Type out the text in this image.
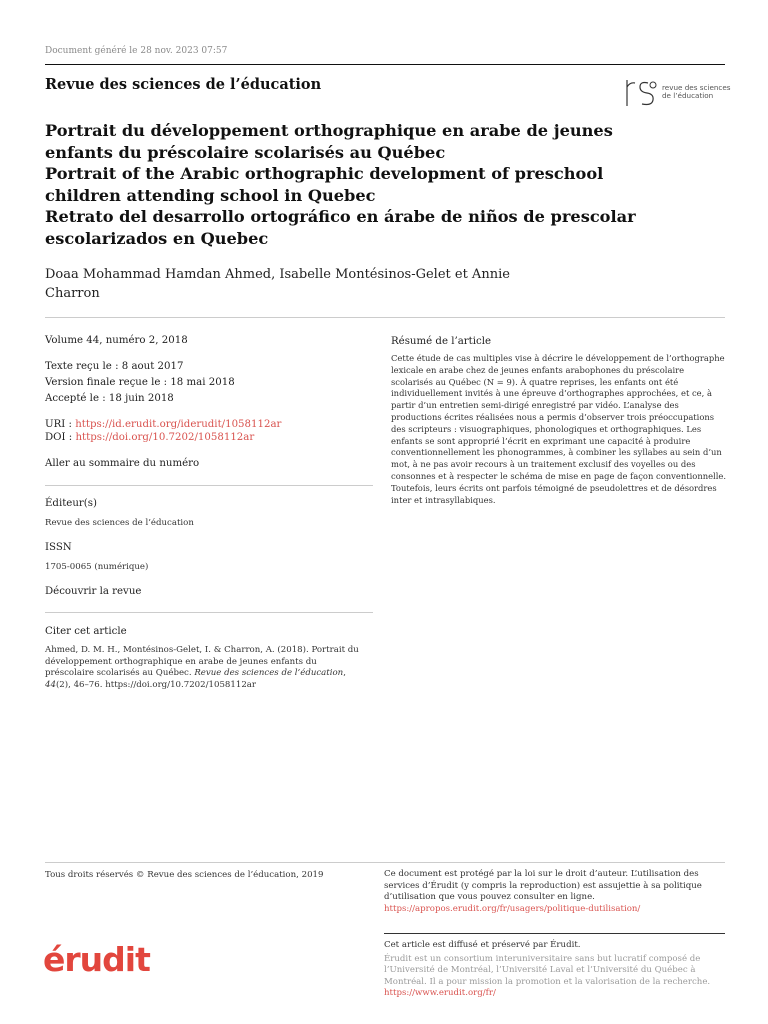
Document généré le 28 nov. 2023 07:57
Revue des sciences de l’éducation	revue des sciences de l’éducation
Portrait du développement orthographique en arabe de jeunes enfants du préscolaire scolarisés au Québec
Portrait of the Arabic orthographic development of preschool children attending school in Quebec
Retrato del desarrollo ortográfico en árabe de niños de prescolar escolarizados en Quebec
Doaa Mohammad Hamdan Ahmed, Isabelle Montésinos-Gelet et Annie Charron
Volume 44, numéro 2, 2018
Texte reçu le : 8 aout 2017
Version finale reçue le : 18 mai 2018
Accepté le : 18 juin 2018
URI : https://id.erudit.org/iderudit/1058112ar
DOI : https://doi.org/10.7202/1058112ar
Aller au sommaire du numéro
Éditeur(s)
Revue des sciences de l’éducation
ISSN
1705-0065 (numérique)
Découvrir la revue
Citer cet article
Ahmed, D. M. H., Montésinos-Gelet, I. & Charron, A. (2018). Portrait du développement orthographique en arabe de jeunes enfants du préscolaire scolarisés au Québec. Revue des sciences de l’éducation, 44(2), 46–76. https://doi.org/10.7202/1058112ar
Résumé de l’article
Cette étude de cas multiples vise à décrire le développement de l’orthographe lexicale en arabe chez de jeunes enfants arabophones du préscolaire scolarisés au Québec (N = 9). À quatre reprises, les enfants ont été individuellement invités à une épreuve d’orthographes approchées, et ce, à partir d’un entretien semi-dirigé enregistré par vidéo. L’analyse des productions écrites réalisées nous a permis d’observer trois préoccupations des scripteurs : visuographiques, phonologiques et orthographiques. Les enfants se sont approprié l’écrit en exprimant une capacité à produire conventionnellement les phonogrammes, à combiner les syllabes au sein d’un mot, à ne pas avoir recours à un traitement exclusif des voyelles ou des consonnes et à respecter le schéma de mise en page de façon conventionnelle. Toutefois, leurs écrits ont parfois témoigné de pseudolettres et de désordres inter et intrasyllabiques.
Tous droits réservés © Revue des sciences de l’éducation, 2019	Ce document est protégé par la loi sur le droit d’auteur. L’utilisation des services d’Érudit (y compris la reproduction) est assujettie à sa politique d’utilisation que vous pouvez consulter en ligne.
https://apropos.erudit.org/fr/usagers/politique-dutilisation/
érudit	Cet article est diffusé et préservé par Érudit.
Érudit est un consortium interuniversitaire sans but lucratif composé de l’Université de Montréal, l’Université Laval et l’Université du Québec à Montréal. Il a pour mission la promotion et la valorisation de la recherche.
https://www.erudit.org/fr/
